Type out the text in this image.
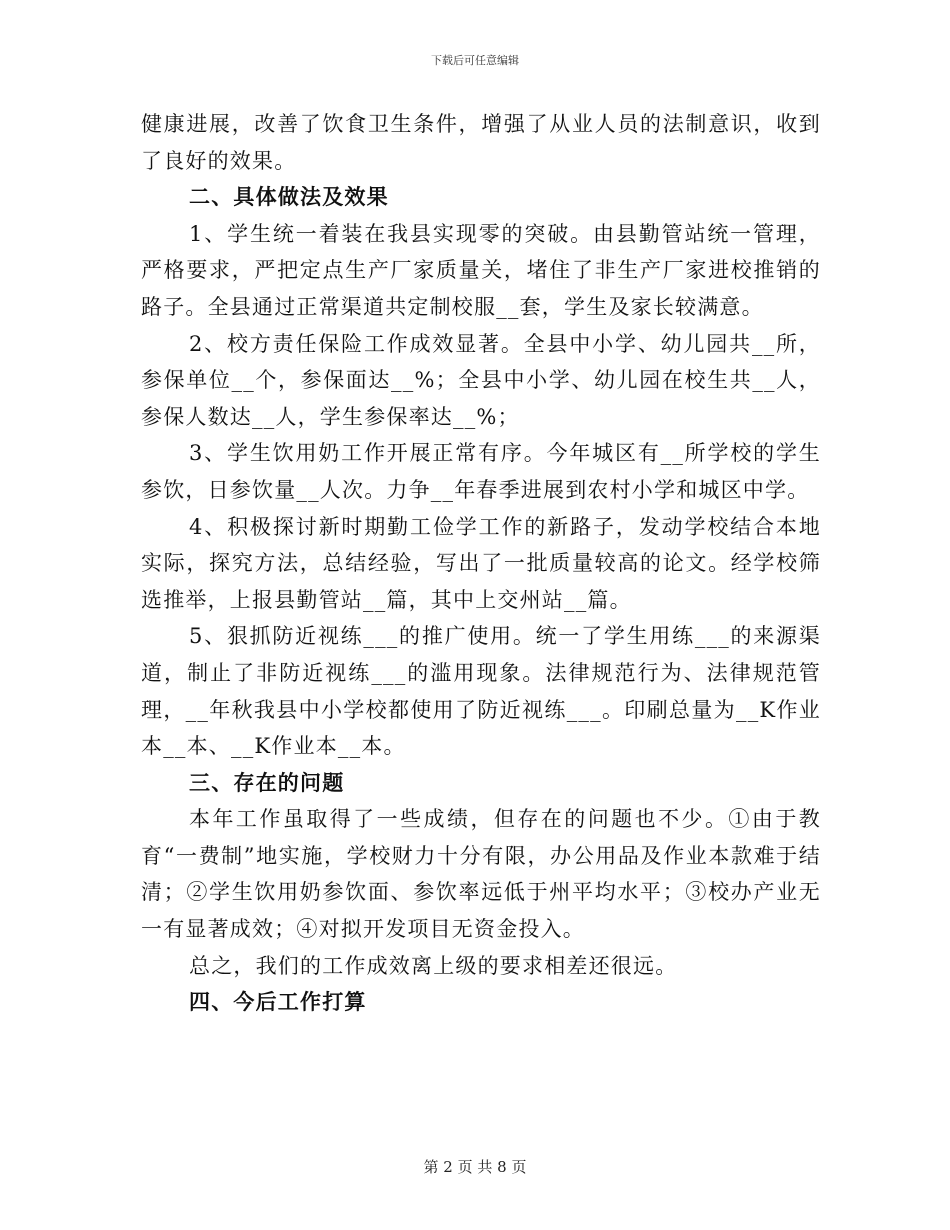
下载后可任意编辑

健康进展，改善了饮食卫生条件，增强了从业人员的法制意识，收到了良好的效果。

二、具体做法及效果

1、学生统一着装在我县实现零的突破。由县勤管站统一管理，严格要求，严把定点生产厂家质量关，堵住了非生产厂家进校推销的路子。全县通过正常渠道共定制校服__套，学生及家长较满意。

2、校方责任保险工作成效显著。全县中小学、幼儿园共__所，参保单位__个，参保面达__%；全县中小学、幼儿园在校生共__人，参保人数达__人，学生参保率达__%；

3、学生饮用奶工作开展正常有序。今年城区有__所学校的学生参饮，日参饮量__人次。力争__年春季进展到农村小学和城区中学。

4、积极探讨新时期勤工俭学工作的新路子，发动学校结合本地实际，探究方法，总结经验，写出了一批质量较高的论文。经学校筛选推举，上报县勤管站__篇，其中上交州站__篇。

5、狠抓防近视练___的推广使用。统一了学生用练___的来源渠道，制止了非防近视练___的滥用现象。法律规范行为、法律规范管理，__年秋我县中小学校都使用了防近视练___。印刷总量为__K作业本__本、__K作业本__本。

三、存在的问题

本年工作虽取得了一些成绩，但存在的问题也不少。①由于教育“一费制”地实施，学校财力十分有限，办公用品及作业本款难于结清；②学生饮用奶参饮面、参饮率远低于州平均水平；③校办产业无一有显著成效；④对拟开发项目无资金投入。

总之，我们的工作成效离上级的要求相差还很远。

四、今后工作打算

第 2 页 共 8 页
